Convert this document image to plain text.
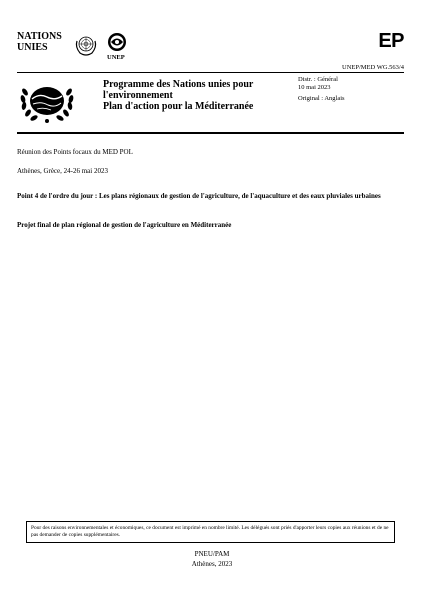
NATIONS
UNIES
UNEP
EP
UNEP/MED WG.563/4
Programme des Nations unies pour
l'environnement
Plan d'action pour la Méditerranée
Distr. : Général
10 mai 2023
Original : Anglais
Réunion des Points focaux du MED POL
Athènes, Grèce, 24-26 mai 2023
Point 4 de l'ordre du jour : Les plans régionaux de gestion de l'agriculture, de l'aquaculture et des eaux pluviales urbaines
Projet final de plan régional de gestion de l'agriculture en Méditerranée
Pour des raisons environnementales et économiques, ce document est imprimé en nombre limité. Les délégués sont priés d'apporter leurs copies aux réunions et de ne pas demander de copies supplémentaires.
PNEU/PAM
Athènes, 2023
